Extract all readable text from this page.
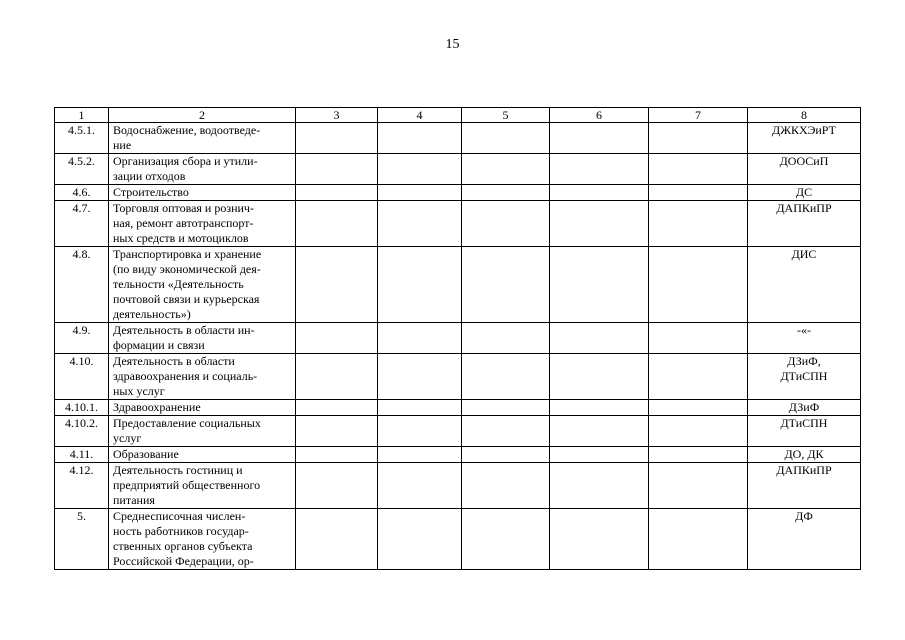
15
1	2	3	4	5	6	7	8
4.5.1.	Водоснабжение, водоотведе-
ние						ДЖКХЭиРТ
4.5.2.	Организация сбора и утили-
зации отходов						ДООСиП
4.6.	Строительство						ДС
4.7.	Торговля оптовая и рознич-
ная, ремонт автотранспорт-
ных средств и мотоциклов						ДАПКиПР
4.8.	Транспортировка и хранение
(по виду экономической дея-
тельности «Деятельность
почтовой связи и курьерская
деятельность»)						ДИС
4.9.	Деятельность в области ин-
формации и связи						-«-
4.10.	Деятельность в области
здравоохранения и социаль-
ных услуг						ДЗиФ,
ДТиСПН
4.10.1.	Здравоохранение						ДЗиФ
4.10.2.	Предоставление социальных
услуг						ДТиСПН
4.11.	Образование						ДО, ДК
4.12.	Деятельность гостиниц и
предприятий общественного
питания						ДАПКиПР
5.	Среднесписочная числен-
ность работников государ-
ственных органов субъекта
Российской Федерации, ор-						ДФ
